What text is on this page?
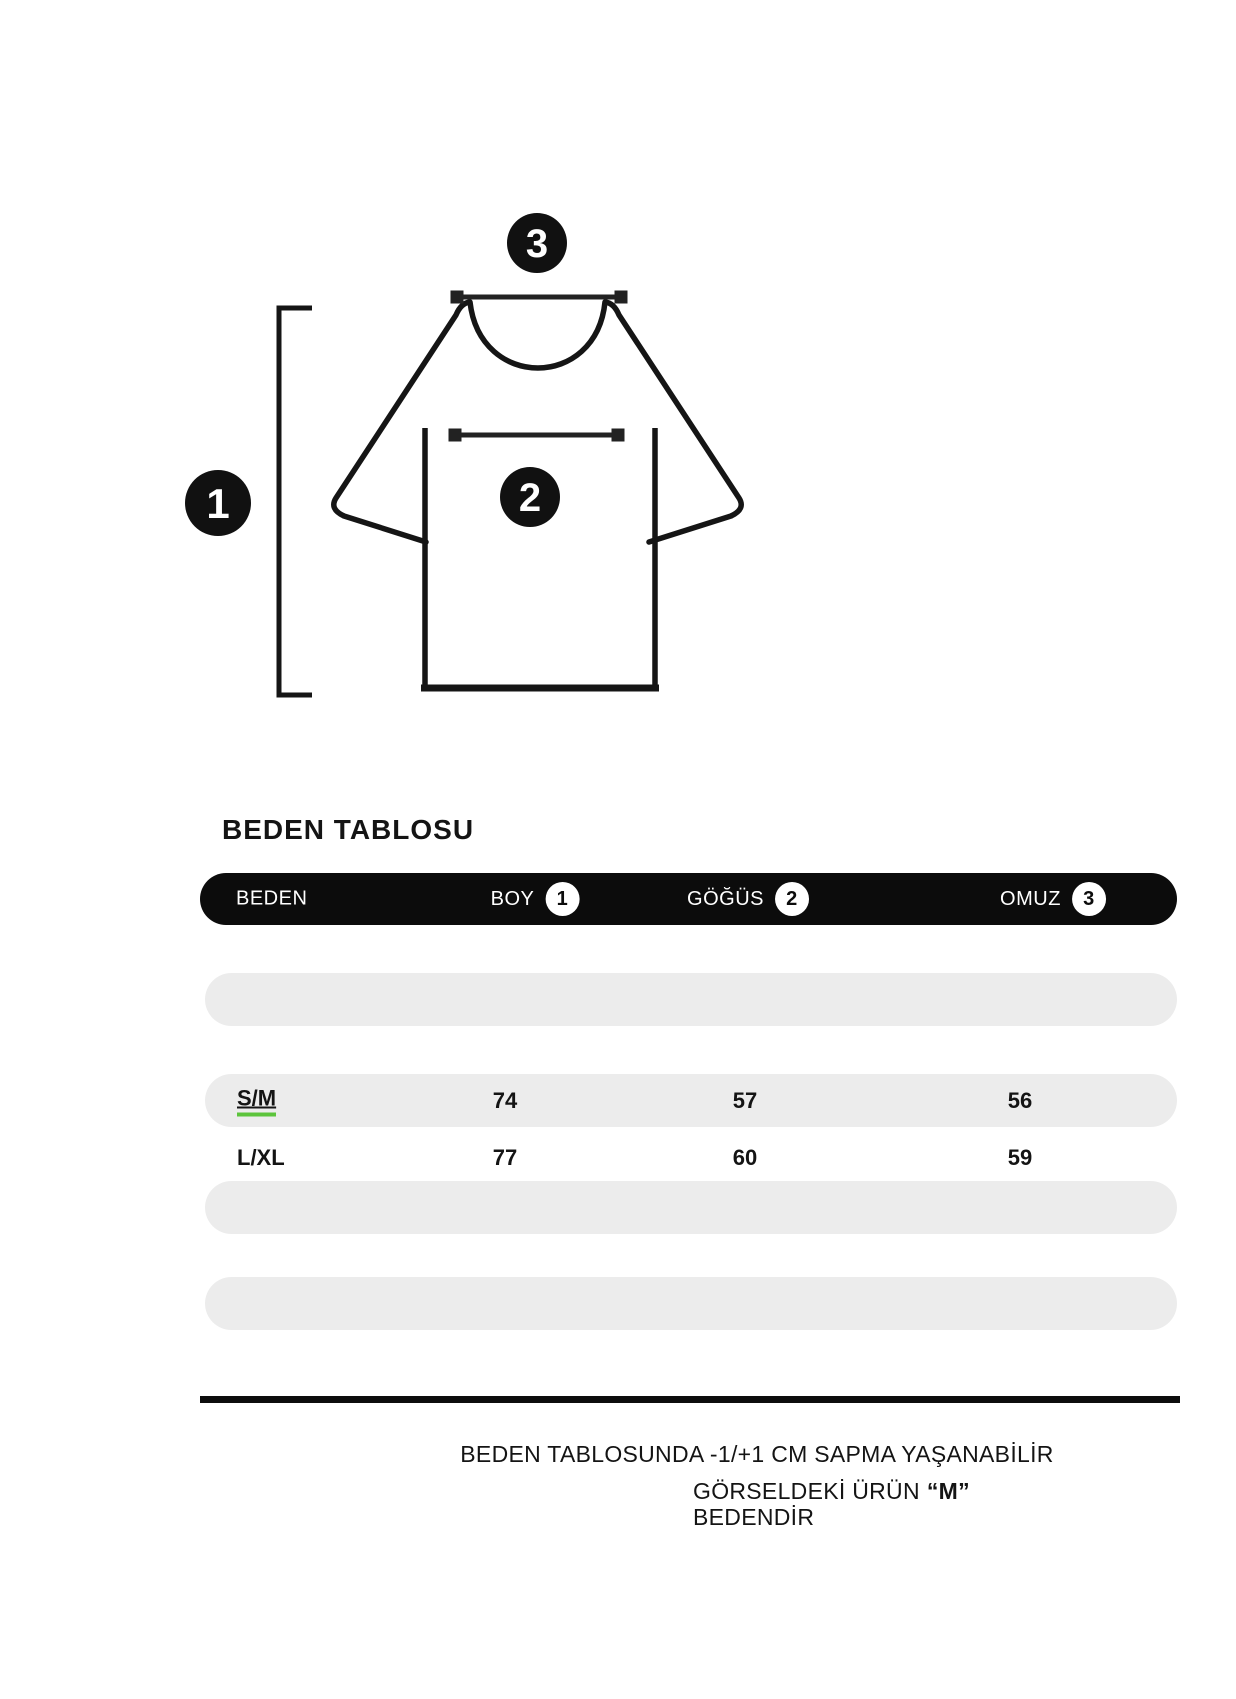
3
1	2
BEDEN TABLOSU
BEDEN	BOY	1	GÖĞÜS	2	OMUZ	3
S/M	74	57	56
L/XL	77	60	59
BEDEN TABLOSUNDA -1/+1 CM SAPMA YAŞANABİLİR
GÖRSELDEKİ ÜRÜN “M”
BEDENDİR
